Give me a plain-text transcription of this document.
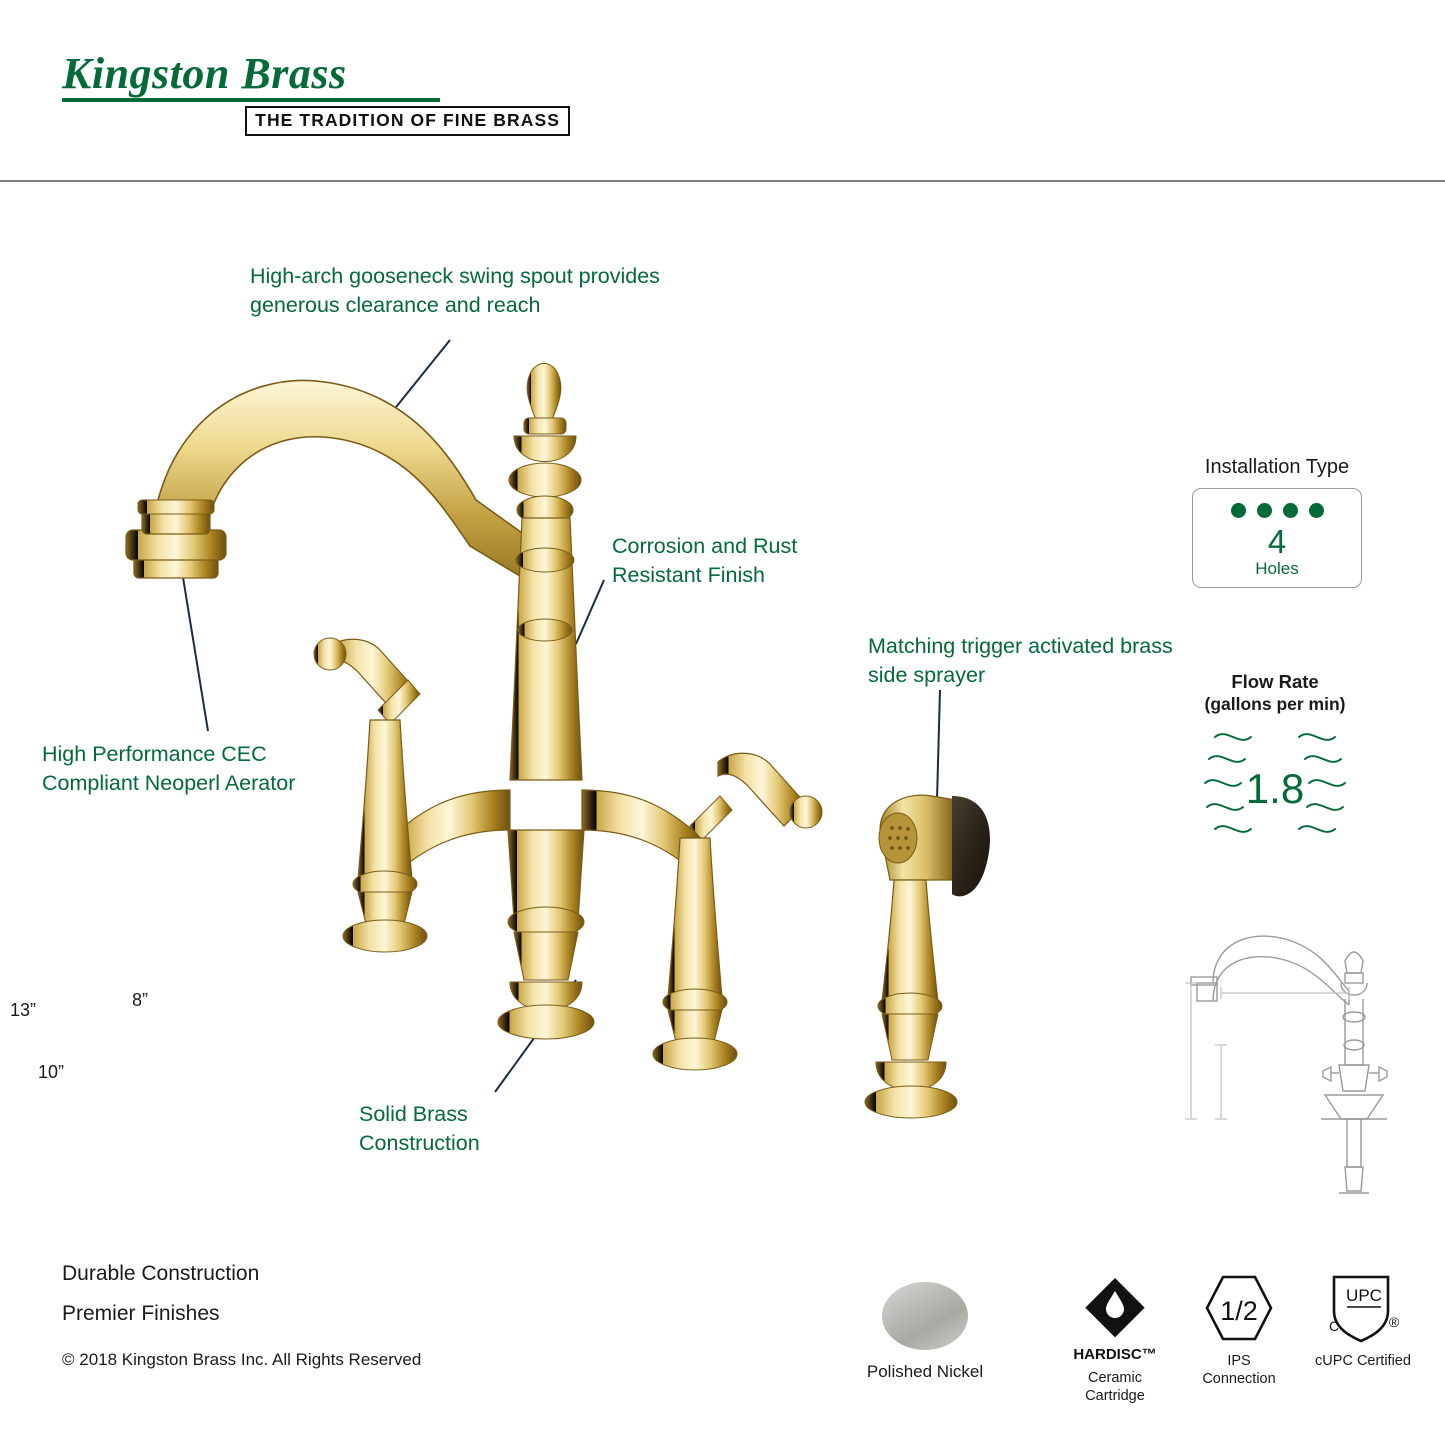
Kingston Brass
THE TRADITION OF FINE BRASS
High-arch gooseneck swing spout provides generous clearance and reach
Corrosion and Rust Resistant Finish
Matching trigger activated brass side sprayer
High Performance CEC Compliant Neoperl Aerator
Solid Brass Construction
Installation Type
4
Holes
Flow Rate
(gallons per min)
1.8
13”
10”
8”
Durable Construction
Premier Finishes
© 2018 Kingston Brass Inc. All Rights Reserved
Polished Nickel
HARDISC™
Ceramic Cartridge
1/2
IPS Connection
UPC
C	®
cUPC Certified
